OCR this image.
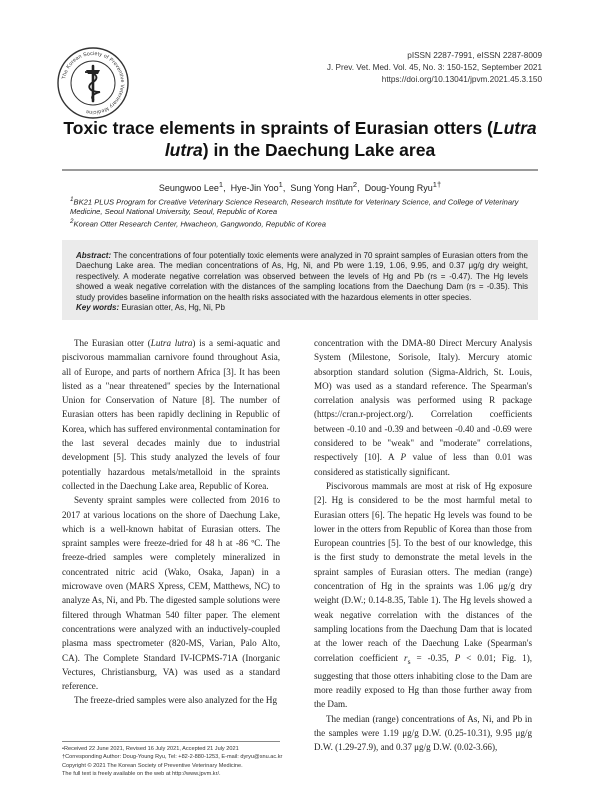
The Korean Society of Preventive Veterinary Medicine
pISSN 2287-7991, eISSN 2287-8009
J. Prev. Vet. Med. Vol. 45, No. 3: 150-152, September 2021
https://doi.org/10.13041/jpvm.2021.45.3.150
Toxic trace elements in spraints of Eurasian otters (Lutra lutra) in the Daechung Lake area
Seungwoo Lee$^1$,  Hye-Jin Yoo$^1$,  Sung Yong Han$^2$,  Doug-Young Ryu$^{1\dagger}$
$^1$BK21 PLUS Program for Creative Veterinary Science Research, Research Institute for Veterinary Science, and College of Veterinary Medicine, Seoul National University, Seoul, Republic of Korea
$^2$Korean Otter Research Center, Hwacheon, Gangwondo, Republic of Korea

Abstract: The concentrations of four potentially toxic elements were analyzed in 70 spraint samples of Eurasian otters from the Daechung Lake area. The median concentrations of As, Hg, Ni, and Pb were 1.19, 1.06, 9.95, and 0.37 μg/g dry weight, respectively. A moderate negative correlation was observed between the levels of Hg and Pb (rs = -0.47). The Hg levels showed a weak negative correlation with the distances of the sampling locations from the Daechung Dam (rs = -0.35). This study provides baseline information on the health risks associated with the hazardous elements in otter species.

Key words: Eurasian otter, As, Hg, Ni, Pb

The Eurasian otter (Lutra lutra) is a semi-aquatic and piscivorous mammalian carnivore found throughout Asia, all of Europe, and parts of northern Africa [3]. It has been listed as a "near threatened" species by the International Union for Conservation of Nature [8]. The number of Eurasian otters has been rapidly declining in Republic of Korea, which has suffered environmental contamination for the last several decades mainly due to industrial development [5]. This study analyzed the levels of four potentially hazardous metals/metalloid in the spraints collected in the Daechung Lake area, Republic of Korea.

Seventy spraint samples were collected from 2016 to 2017 at various locations on the shore of Daechung Lake, which is a well-known habitat of Eurasian otters. The spraint samples were freeze-dried for 48 h at -86 ºC. The freeze-dried samples were completely mineralized in concentrated nitric acid (Wako, Osaka, Japan) in a microwave oven (MARS Xpress, CEM, Matthews, NC) to analyze As, Ni, and Pb. The digested sample solutions were filtered through Whatman 540 filter paper. The element concentrations were analyzed with an inductively-coupled plasma mass spectrometer (820-MS, Varian, Palo Alto, CA). The Complete Standard IV-ICPMS-71A (Inorganic Vectures, Christiansburg, VA) was used as a standard reference.

The freeze-dried samples were also analyzed for the Hg

concentration with the DMA-80 Direct Mercury Analysis System (Milestone, Sorisole, Italy). Mercury atomic absorption standard solution (Sigma-Aldrich, St. Louis, MO) was used as a standard reference. The Spearman's correlation analysis was performed using R package (https://cran.r-project.org/). Correlation coefficients between -0.10 and -0.39 and between -0.40 and -0.69 were considered to be "weak" and "moderate" correlations, respectively [10]. A P value of less than 0.01 was considered as statistically significant.

Piscivorous mammals are most at risk of Hg exposure [2]. Hg is considered to be the most harmful metal to Eurasian otters [6]. The hepatic Hg levels was found to be lower in the otters from Republic of Korea than those from European countries [5]. To the best of our knowledge, this is the first study to demonstrate the metal levels in the spraint samples of Eurasian otters. The median (range) concentration of Hg in the spraints was 1.06 μg/g dry weight (D.W.; 0.14-8.35, Table 1). The Hg levels showed a weak negative correlation with the distances of the sampling locations from the Daechung Dam that is located at the lower reach of the Daechung Lake (Spearman's correlation coefficient $r_s = -0.35$, P < 0.01; Fig. 1), suggesting that those otters inhabiting close to the Dam are more readily exposed to Hg than those further away from the Dam.

The median (range) concentrations of As, Ni, and Pb in the samples were 1.19 μg/g D.W. (0.25-10.31), 9.95 μg/g D.W. (1.29-27.9), and 0.37 μg/g D.W. (0.02-3.66),

•Received 22 June 2021, Revised 16 July 2021, Accepted 21 July 2021
†Corresponding Author: Doug-Young Ryu, Tel: +82-2-880-1253, E-mail: dyryu@snu.ac.kr
Copyright © 2021 The Korean Society of Preventive Veterinary Medicine.
The full text is freely available on the web at http://www.jpvm.kr/.
